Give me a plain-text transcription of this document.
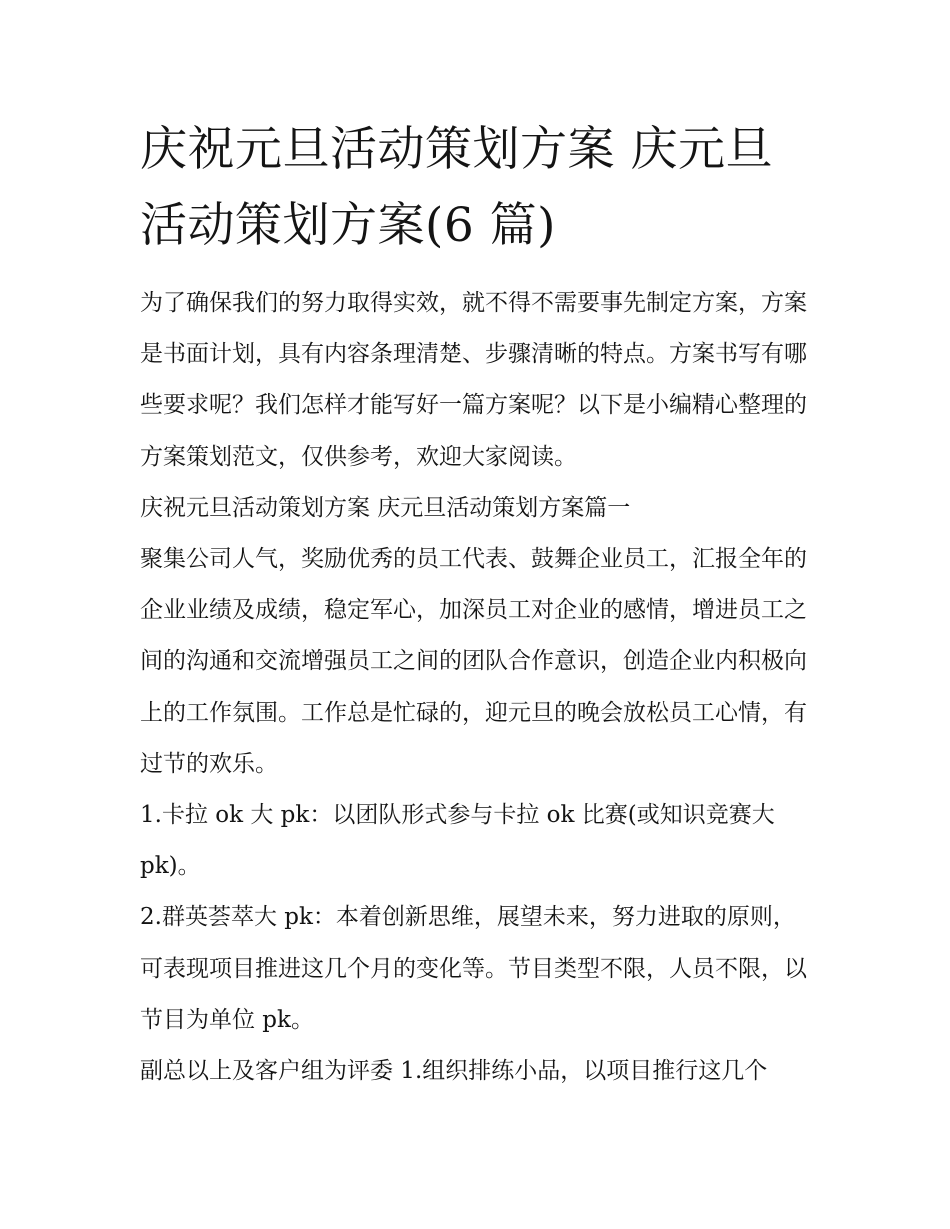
庆祝元旦活动策划方案 庆元旦
活动策划方案(6 篇)

为了确保我们的努力取得实效，就不得不需要事先制定方案，方案是书面计划，具有内容条理清楚、步骤清晰的特点。方案书写有哪些要求呢？我们怎样才能写好一篇方案呢？以下是小编精心整理的方案策划范文，仅供参考，欢迎大家阅读。

庆祝元旦活动策划方案 庆元旦活动策划方案篇一

聚集公司人气，奖励优秀的员工代表、鼓舞企业员工，汇报全年的企业业绩及成绩，稳定军心，加深员工对企业的感情，增进员工之间的沟通和交流增强员工之间的团队合作意识，创造企业内积极向上的工作氛围。工作总是忙碌的，迎元旦的晚会放松员工心情，有过节的欢乐。

1.卡拉 ok 大 pk：以团队形式参与卡拉 ok 比赛(或知识竞赛大 pk)。

2.群英荟萃大 pk：本着创新思维，展望未来，努力进取的原则，可表现项目推进这几个月的变化等。节目类型不限，人员不限，以节目为单位 pk。

副总以上及客户组为评委 1.组织排练小品，以项目推行这几个
